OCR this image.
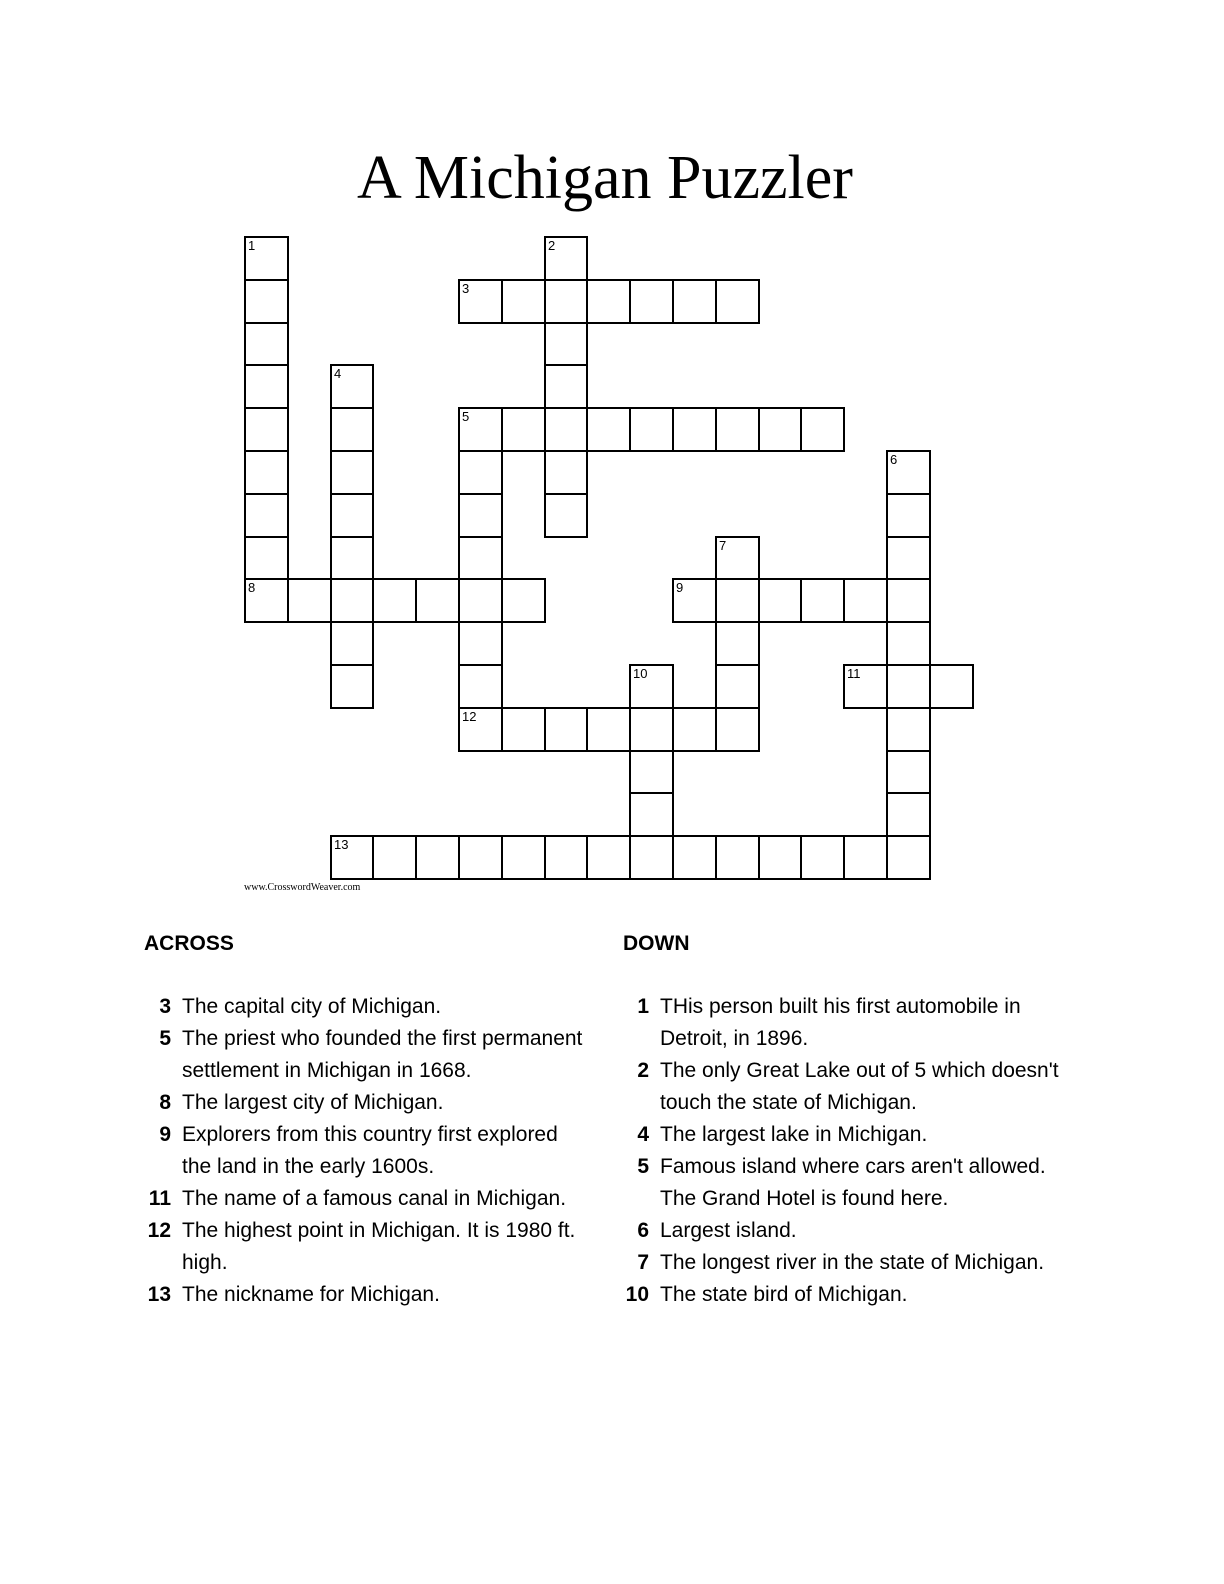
A Michigan Puzzler
1
8
2
3
4
5
12
6
7
9
10	11
13
www.CrosswordWeaver.com
ACROSS	DOWN
3 The capital city of Michigan.
5 The priest who founded the first permanent settlement in Michigan in 1668.
8 The largest city of Michigan.
9 Explorers from this country first explored the land in the early 1600s.
11 The name of a famous canal in Michigan.
12 The highest point in Michigan. It is 1980 ft. high.
13 The nickname for Michigan.
1 THis person built his first automobile in Detroit, in 1896.
2 The only Great Lake out of 5 which doesn't touch the state of Michigan.
4 The largest lake in Michigan.
5 Famous island where cars aren't allowed. The Grand Hotel is found here.
6 Largest island.
7 The longest river in the state of Michigan.
10 The state bird of Michigan.
